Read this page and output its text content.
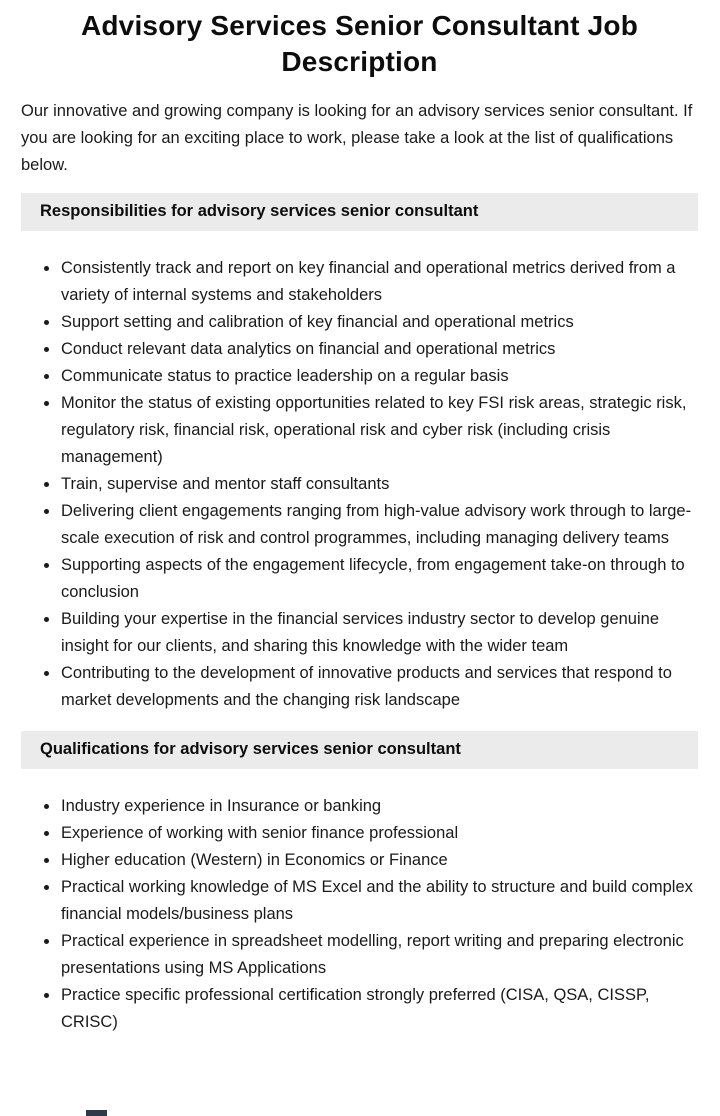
Advisory Services Senior Consultant Job Description

Our innovative and growing company is looking for an advisory services senior consultant. If you are looking for an exciting place to work, please take a look at the list of qualifications below.

Responsibilities for advisory services senior consultant
Consistently track and report on key financial and operational metrics derived from a variety of internal systems and stakeholders
Support setting and calibration of key financial and operational metrics
Conduct relevant data analytics on financial and operational metrics
Communicate status to practice leadership on a regular basis
Monitor the status of existing opportunities related to key FSI risk areas, strategic risk, regulatory risk, financial risk, operational risk and cyber risk (including crisis management)
Train, supervise and mentor staff consultants
Delivering client engagements ranging from high-value advisory work through to large-scale execution of risk and control programmes, including managing delivery teams
Supporting aspects of the engagement lifecycle, from engagement take-on through to conclusion
Building your expertise in the financial services industry sector to develop genuine insight for our clients, and sharing this knowledge with the wider team
Contributing to the development of innovative products and services that respond to market developments and the changing risk landscape
Qualifications for advisory services senior consultant
Industry experience in Insurance or banking
Experience of working with senior finance professional
Higher education (Western) in Economics or Finance
Practical working knowledge of MS Excel and the ability to structure and build complex financial models/business plans
Practical experience in spreadsheet modelling, report writing and preparing electronic presentations using MS Applications
Practice specific professional certification strongly preferred (CISA, QSA, CISSP, CRISC)
